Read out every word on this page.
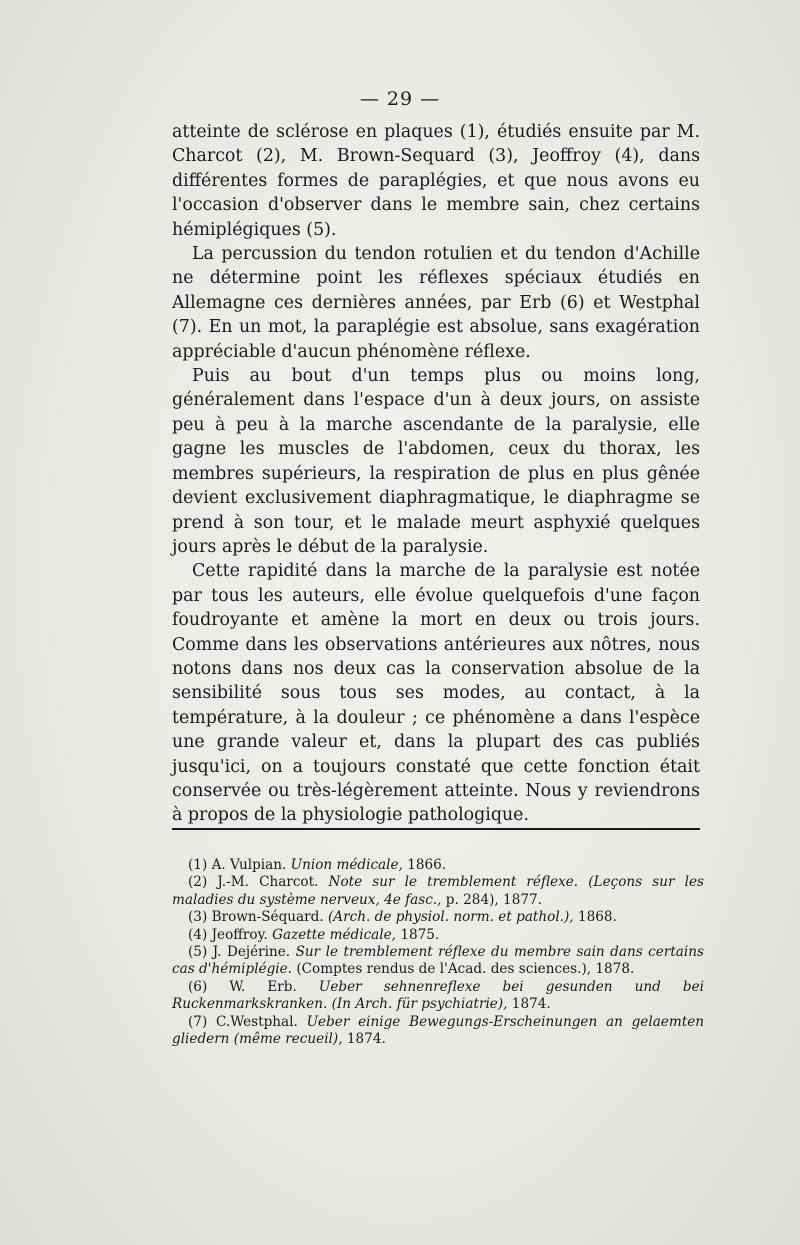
— 29 —

atteinte de sclérose en plaques (1), étudiés ensuite par M. Charcot (2), M. Brown-Sequard (3), Jeoffroy (4), dans différentes formes de paraplégies, et que nous avons eu l'occasion d'observer dans le membre sain, chez certains hémiplégiques (5).

La percussion du tendon rotulien et du tendon d'Achille ne détermine point les réflexes spéciaux étudiés en Allemagne ces dernières années, par Erb (6) et Westphal (7). En un mot, la paraplégie est absolue, sans exagération appréciable d'aucun phénomène réflexe.

Puis au bout d'un temps plus ou moins long, généralement dans l'espace d'un à deux jours, on assiste peu à peu à la marche ascendante de la paralysie, elle gagne les muscles de l'abdomen, ceux du thorax, les membres supérieurs, la respiration de plus en plus gênée devient exclusivement diaphragmatique, le diaphragme se prend à son tour, et le malade meurt asphyxié quelques jours après le début de la paralysie.

Cette rapidité dans la marche de la paralysie est notée par tous les auteurs, elle évolue quelquefois d'une façon foudroyante et amène la mort en deux ou trois jours. Comme dans les observations antérieures aux nôtres, nous notons dans nos deux cas la conservation absolue de la sensibilité sous tous ses modes, au contact, à la température, à la douleur ; ce phénomène a dans l'espèce une grande valeur et, dans la plupart des cas publiés jusqu'ici, on a toujours constaté que cette fonction était conservée ou très-légèrement atteinte. Nous y reviendrons à propos de la physiologie pathologique.

(1) A. Vulpian. Union médicale, 1866.

(2) J.-M. Charcot. Note sur le tremblement réflexe. (Leçons sur les maladies du système nerveux, 4e fasc., p. 284), 1877.

(3) Brown-Séquard. (Arch. de physiol. norm. et pathol.), 1868.

(4) Jeoffroy. Gazette médicale, 1875.

(5) J. Dejérine. Sur le tremblement réflexe du membre sain dans certains cas d'hémiplégie. (Comptes rendus de l'Acad. des sciences.), 1878.

(6) W. Erb. Ueber sehnenreflexe bei gesunden und bei Ruckenmarkskranken. (In Arch. für psychiatrie), 1874.

(7) C.Westphal. Ueber einige Bewegungs-Erscheinungen an gelaemten gliedern (même recueil), 1874.
